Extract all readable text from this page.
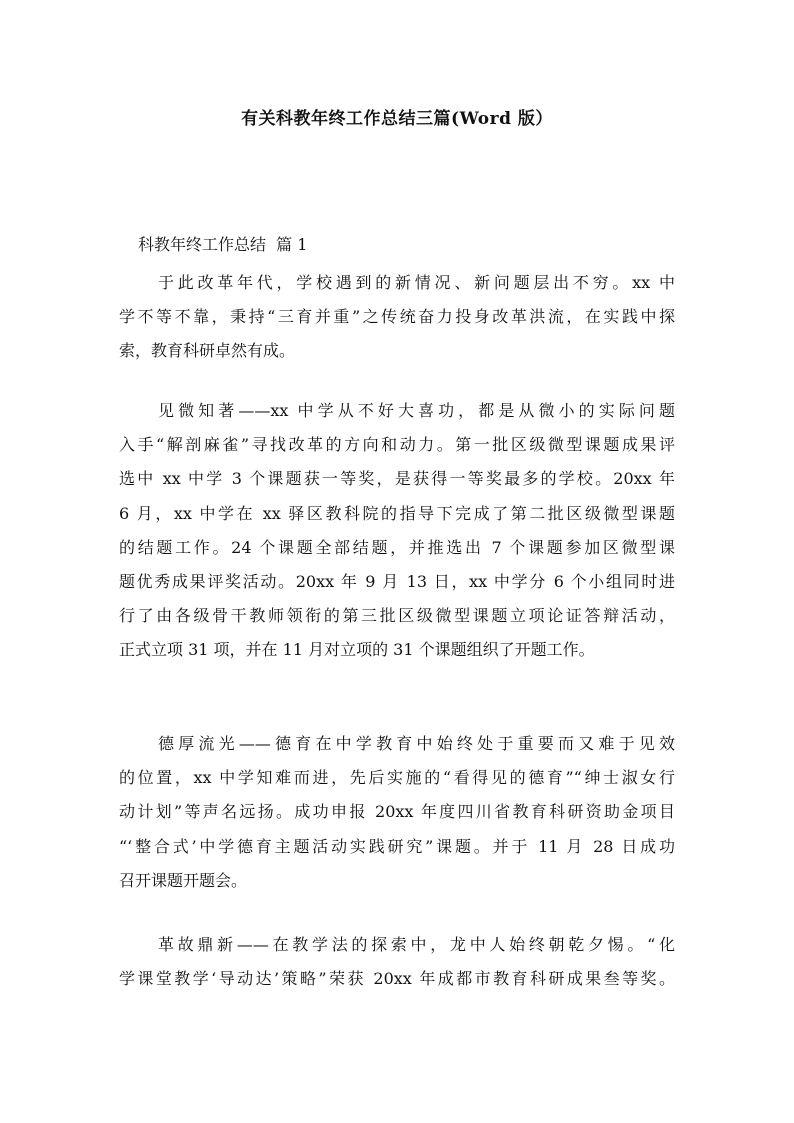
有关科教年终工作总结三篇(Word 版）
科教年终工作总结  篇 1
于此改革年代，学校遇到的新情况、新问题层出不穷。xx 中
学不等不靠，秉持“三育并重”之传统奋力投身改革洪流，在实践中探
索，教育科研卓然有成。
见微知著——xx 中学从不好大喜功，都是从微小的实际问题
入手“解剖麻雀”寻找改革的方向和动力。第一批区级微型课题成果评
选中 xx 中学 3 个课题获一等奖，是获得一等奖最多的学校。20xx 年
6 月，xx 中学在 xx 驿区教科院的指导下完成了第二批区级微型课题
的结题工作。24 个课题全部结题，并推选出 7 个课题参加区微型课
题优秀成果评奖活动。20xx 年 9 月 13 日，xx 中学分 6 个小组同时进
行了由各级骨干教师领衔的第三批区级微型课题立项论证答辩活动，
正式立项 31 项，并在 11 月对立项的 31 个课题组织了开题工作。
德厚流光——德育在中学教育中始终处于重要而又难于见效
的位置，xx 中学知难而进，先后实施的“看得见的德育”“绅士淑女行
动计划”等声名远扬。成功申报 20xx 年度四川省教育科研资助金项目
“‘整合式’中学德育主题活动实践研究”课题。并于 11 月 28 日成功
召开课题开题会。
革故鼎新——在教学法的探索中，龙中人始终朝乾夕惕。“化
学课堂教学‘导动达’策略”荣获 20xx 年成都市教育科研成果叁等奖。
